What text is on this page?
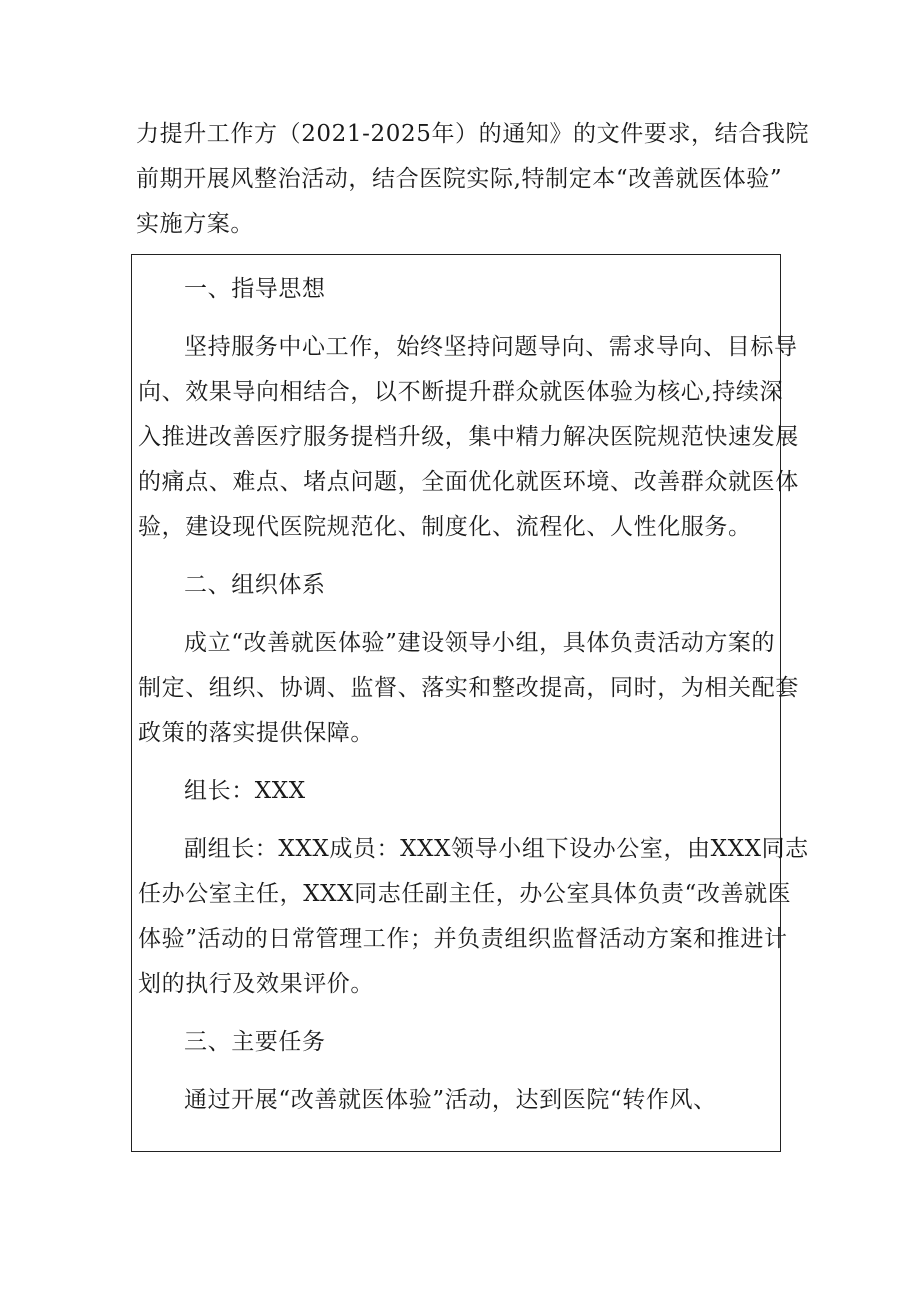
力提升工作方（2021-2025年）的通知》的文件要求，结合我院
前期开展风整治活动，结合医院实际,特制定本“改善就医体验”
实施方案。
一、指导思想
坚持服务中心工作，始终坚持问题导向、需求导向、目标导
向、效果导向相结合，以不断提升群众就医体验为核心,持续深
入推进改善医疗服务提档升级，集中精力解决医院规范快速发展
的痛点、难点、堵点问题，全面优化就医环境、改善群众就医体
验，建设现代医院规范化、制度化、流程化、人性化服务。
二、组织体系
成立“改善就医体验”建设领导小组，具体负责活动方案的
制定、组织、协调、监督、落实和整改提高，同时，为相关配套
政策的落实提供保障。
组长：XXX
副组长：XXX成员：XXX领导小组下设办公室，由XXX同志
任办公室主任，XXX同志任副主任，办公室具体负责“改善就医
体验”活动的日常管理工作；并负责组织监督活动方案和推进计
划的执行及效果评价。
三、主要任务
通过开展“改善就医体验”活动，达到医院“转作风、
